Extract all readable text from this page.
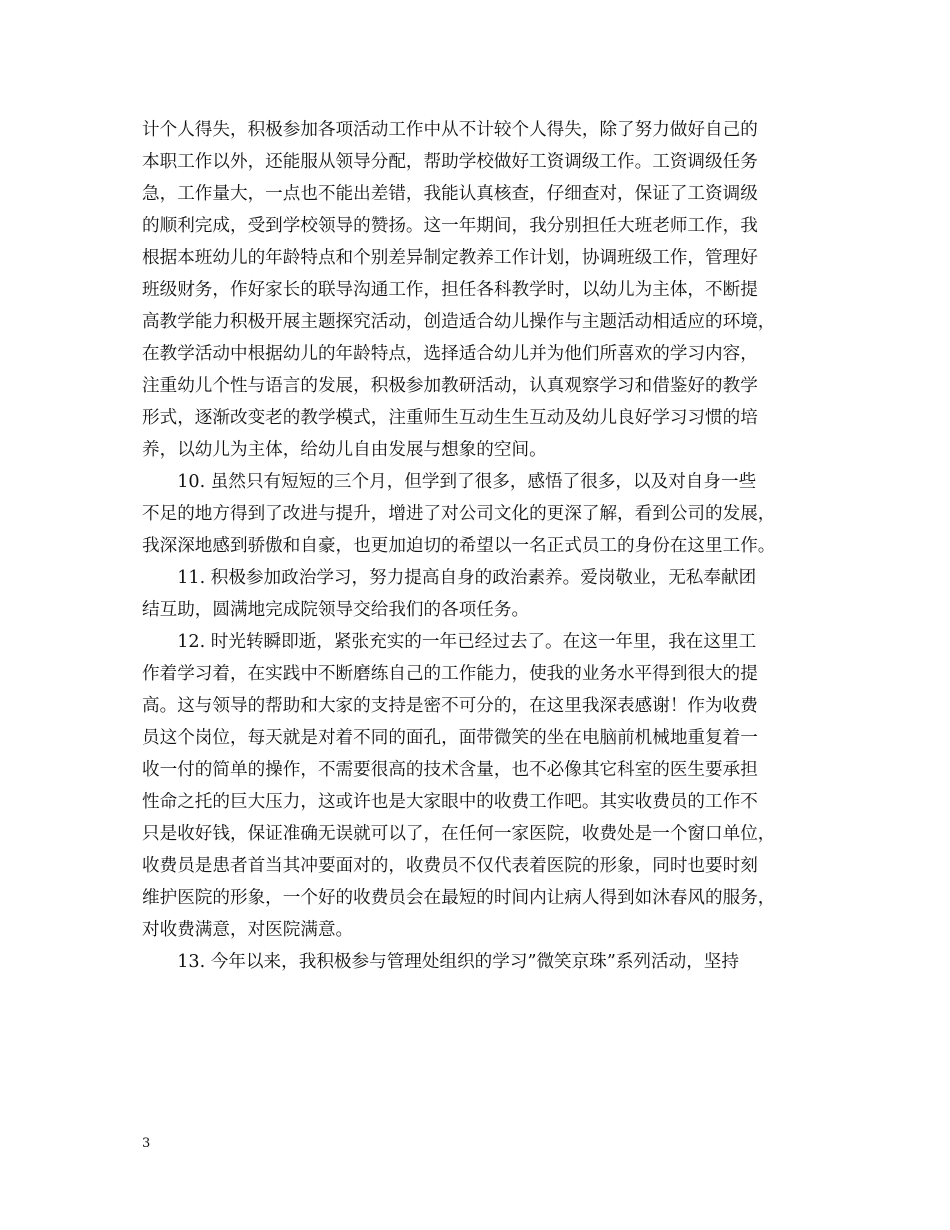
计个人得失，积极参加各项活动工作中从不计较个人得失，除了努力做好自己的
本职工作以外，还能服从领导分配，帮助学校做好工资调级工作。工资调级任务
急，工作量大，一点也不能出差错，我能认真核查，仔细查对，保证了工资调级
的顺利完成，受到学校领导的赞扬。这一年期间，我分别担任大班老师工作，我
根据本班幼儿的年龄特点和个别差异制定教养工作计划，协调班级工作，管理好
班级财务，作好家长的联导沟通工作，担任各科教学时，以幼儿为主体，不断提
高教学能力积极开展主题探究活动，创造适合幼儿操作与主题活动相适应的环境，
在教学活动中根据幼儿的年龄特点，选择适合幼儿并为他们所喜欢的学习内容，
注重幼儿个性与语言的发展，积极参加教研活动，认真观察学习和借鉴好的教学
形式，逐渐改变老的教学模式，注重师生互动生生互动及幼儿良好学习习惯的培
养，以幼儿为主体，给幼儿自由发展与想象的空间。
　　10. 虽然只有短短的三个月，但学到了很多，感悟了很多，以及对自身一些
不足的地方得到了改进与提升，增进了对公司文化的更深了解，看到公司的发展，
我深深地感到骄傲和自豪，也更加迫切的希望以一名正式员工的身份在这里工作。
　　11. 积极参加政治学习，努力提高自身的政治素养。爱岗敬业，无私奉献团
结互助，圆满地完成院领导交给我们的各项任务。
　　12. 时光转瞬即逝，紧张充实的一年已经过去了。在这一年里，我在这里工
作着学习着，在实践中不断磨练自己的工作能力，使我的业务水平得到很大的提
高。这与领导的帮助和大家的支持是密不可分的，在这里我深表感谢！作为收费
员这个岗位，每天就是对着不同的面孔，面带微笑的坐在电脑前机械地重复着一
收一付的简单的操作，不需要很高的技术含量，也不必像其它科室的医生要承担
性命之托的巨大压力，这或许也是大家眼中的收费工作吧。其实收费员的工作不
只是收好钱，保证准确无误就可以了，在任何一家医院，收费处是一个窗口单位，
收费员是患者首当其冲要面对的，收费员不仅代表着医院的形象，同时也要时刻
维护医院的形象，一个好的收费员会在最短的时间内让病人得到如沐春风的服务，
对收费满意，对医院满意。
　　13. 今年以来，我积极参与管理处组织的学习”微笑京珠”系列活动，坚持
3
